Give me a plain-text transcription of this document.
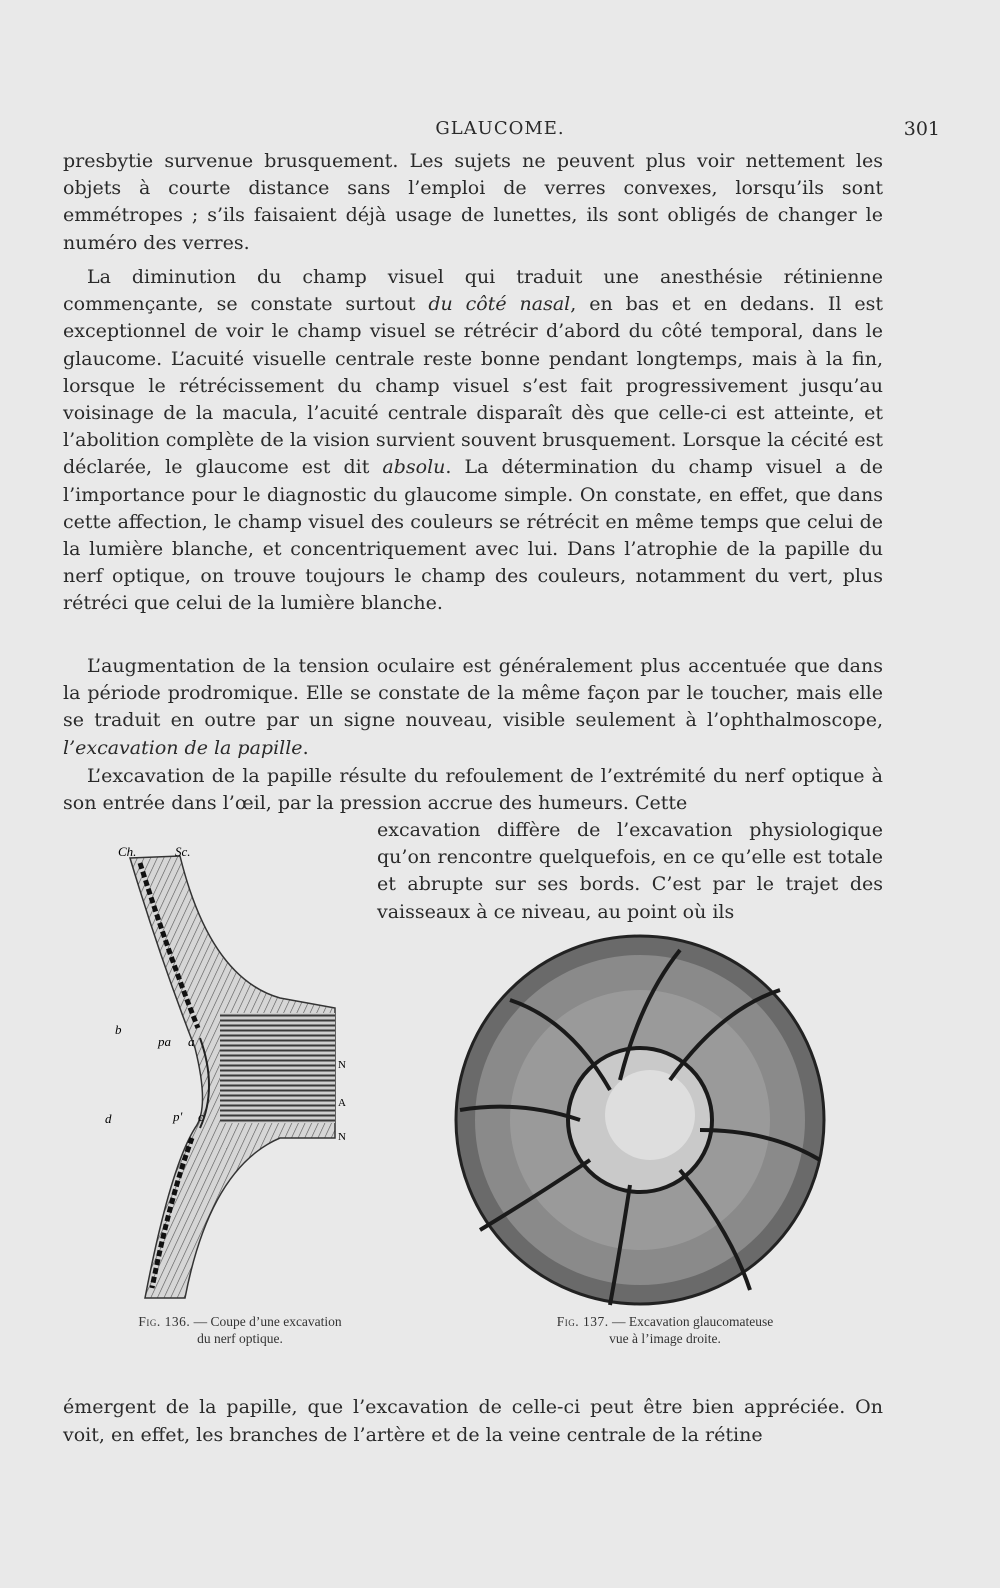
GLAUCOME.	301

presbytie survenue brusquement. Les sujets ne peuvent plus voir nettement les objets à courte distance sans l’emploi de verres convexes, lorsqu’ils sont emmétropes ; s’ils faisaient déjà usage de lunettes, ils sont obligés de changer le numéro des verres.

La diminution du champ visuel qui traduit une anesthésie rétinienne commençante, se constate surtout du côté nasal, en bas et en dedans. Il est exceptionnel de voir le champ visuel se rétrécir d’abord du côté temporal, dans le glaucome. L’acuité visuelle centrale reste bonne pendant longtemps, mais à la fin, lorsque le rétrécissement du champ visuel s’est fait progressivement jusqu’au voisinage de la macula, l’acuité centrale disparaît dès que celle-ci est atteinte, et l’abolition complète de la vision survient souvent brusquement. Lorsque la cécité est déclarée, le glaucome est dit absolu. La détermination du champ visuel a de l’importance pour le diagnostic du glaucome simple. On constate, en effet, que dans cette affection, le champ visuel des couleurs se rétrécit en même temps que celui de la lumière blanche, et concentriquement avec lui. Dans l’atrophie de la papille du nerf optique, on trouve toujours le champ des couleurs, notamment du vert, plus rétréci que celui de la lumière blanche.

L’augmentation de la tension oculaire est généralement plus accentuée que dans la période prodromique. Elle se constate de la même façon par le toucher, mais elle se traduit en outre par un signe nouveau, visible seulement à l’ophthalmoscope, l’excavation de la papille.

L’excavation de la papille résulte du refoulement de l’extrémité du nerf optique à son entrée dans l’œil, par la pression accrue des humeurs. Cette

excavation diffère de l’excavation physiologique qu’on rencontre quelquefois, en ce qu’elle est totale et abrupte sur ses bords. C’est par le trajet des vaisseaux à ce niveau, au point où ils

Ch.	Sc.
b
pa a
d	p' c
N
A
N
Fig. 136. — Coupe d’une excavation
du nerf optique.
Fig. 137. — Excavation glaucomateuse
vue à l’image droite.

émergent de la papille, que l’excavation de celle-ci peut être bien appréciée. On voit, en effet, les branches de l’artère et de la veine centrale de la rétine
